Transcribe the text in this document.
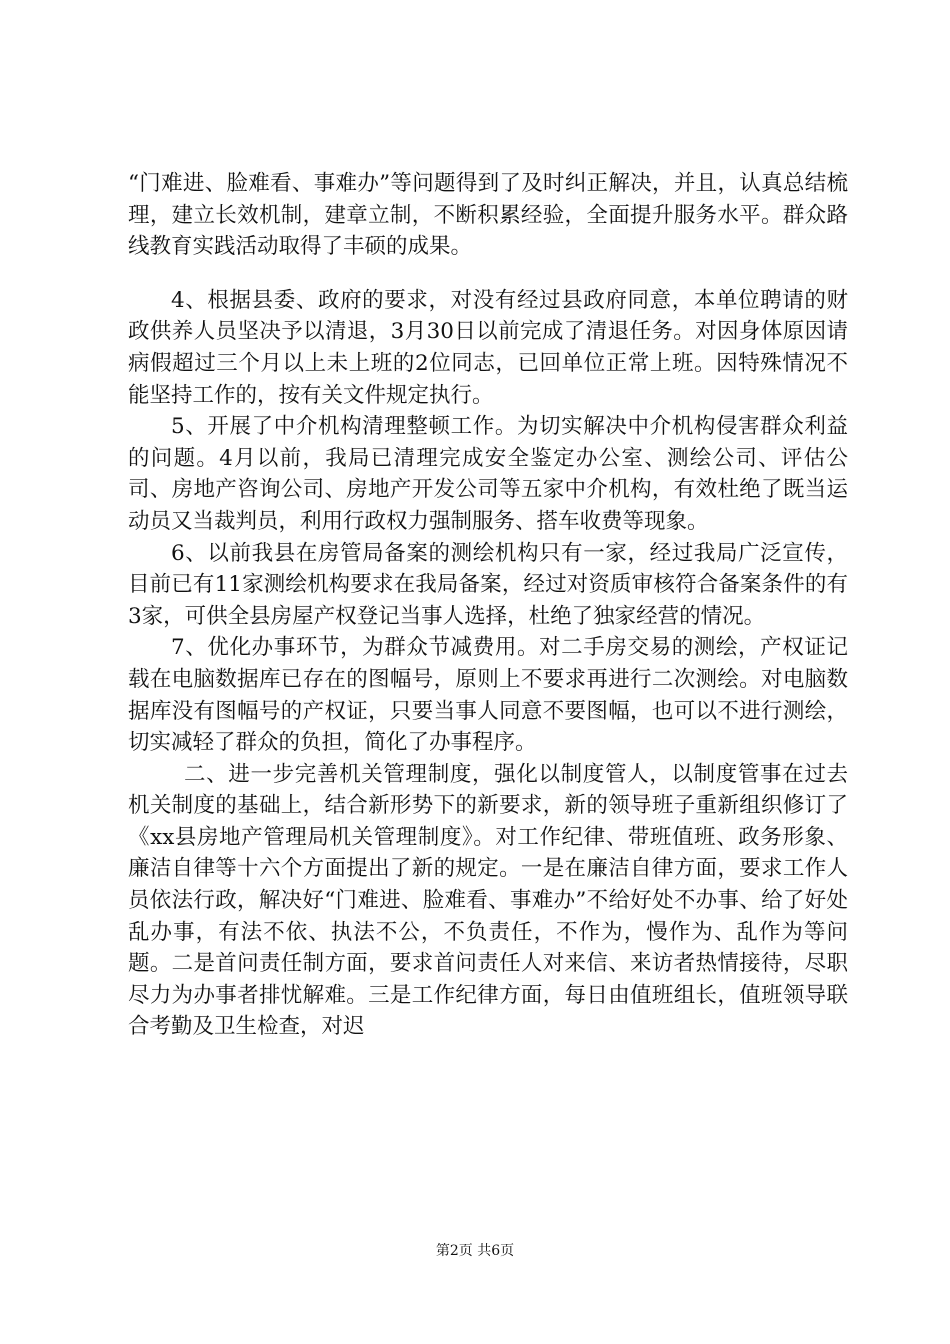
“门难进、脸难看、事难办”等问题得到了及时纠正解决，并且，认真总结梳理，建立长效机制，建章立制，不断积累经验，全面提升服务水平。群众路线教育实践活动取得了丰硕的成果。

4、根据县委、政府的要求，对没有经过县政府同意，本单位聘请的财政供养人员坚决予以清退，3月30日以前完成了清退任务。对因身体原因请病假超过三个月以上未上班的2位同志，已回单位正常上班。因特殊情况不能坚持工作的，按有关文件规定执行。

5、开展了中介机构清理整顿工作。为切实解决中介机构侵害群众利益的问题。4月以前，我局已清理完成安全鉴定办公室、测绘公司、评估公司、房地产咨询公司、房地产开发公司等五家中介机构，有效杜绝了既当运动员又当裁判员，利用行政权力强制服务、搭车收费等现象。

6、以前我县在房管局备案的测绘机构只有一家，经过我局广泛宣传，目前已有11家测绘机构要求在我局备案，经过对资质审核符合备案条件的有3家，可供全县房屋产权登记当事人选择，杜绝了独家经营的情况。

7、优化办事环节，为群众节减费用。对二手房交易的测绘，产权证记载在电脑数据库已存在的图幅号，原则上不要求再进行二次测绘。对电脑数据库没有图幅号的产权证，只要当事人同意不要图幅，也可以不进行测绘，切实减轻了群众的负担，简化了办事程序。

二、进一步完善机关管理制度，强化以制度管人，以制度管事在过去机关制度的基础上，结合新形势下的新要求，新的领导班子重新组织修订了《xx县房地产管理局机关管理制度》。对工作纪律、带班值班、政务形象、廉洁自律等十六个方面提出了新的规定。一是在廉洁自律方面，要求工作人员依法行政，解决好“门难进、脸难看、事难办”不给好处不办事、给了好处乱办事，有法不依、执法不公，不负责任，不作为，慢作为、乱作为等问题。二是首问责任制方面，要求首问责任人对来信、来访者热情接待，尽职尽力为办事者排忧解难。三是工作纪律方面，每日由值班组长，值班领导联合考勤及卫生检查，对迟

第2页 共6页
